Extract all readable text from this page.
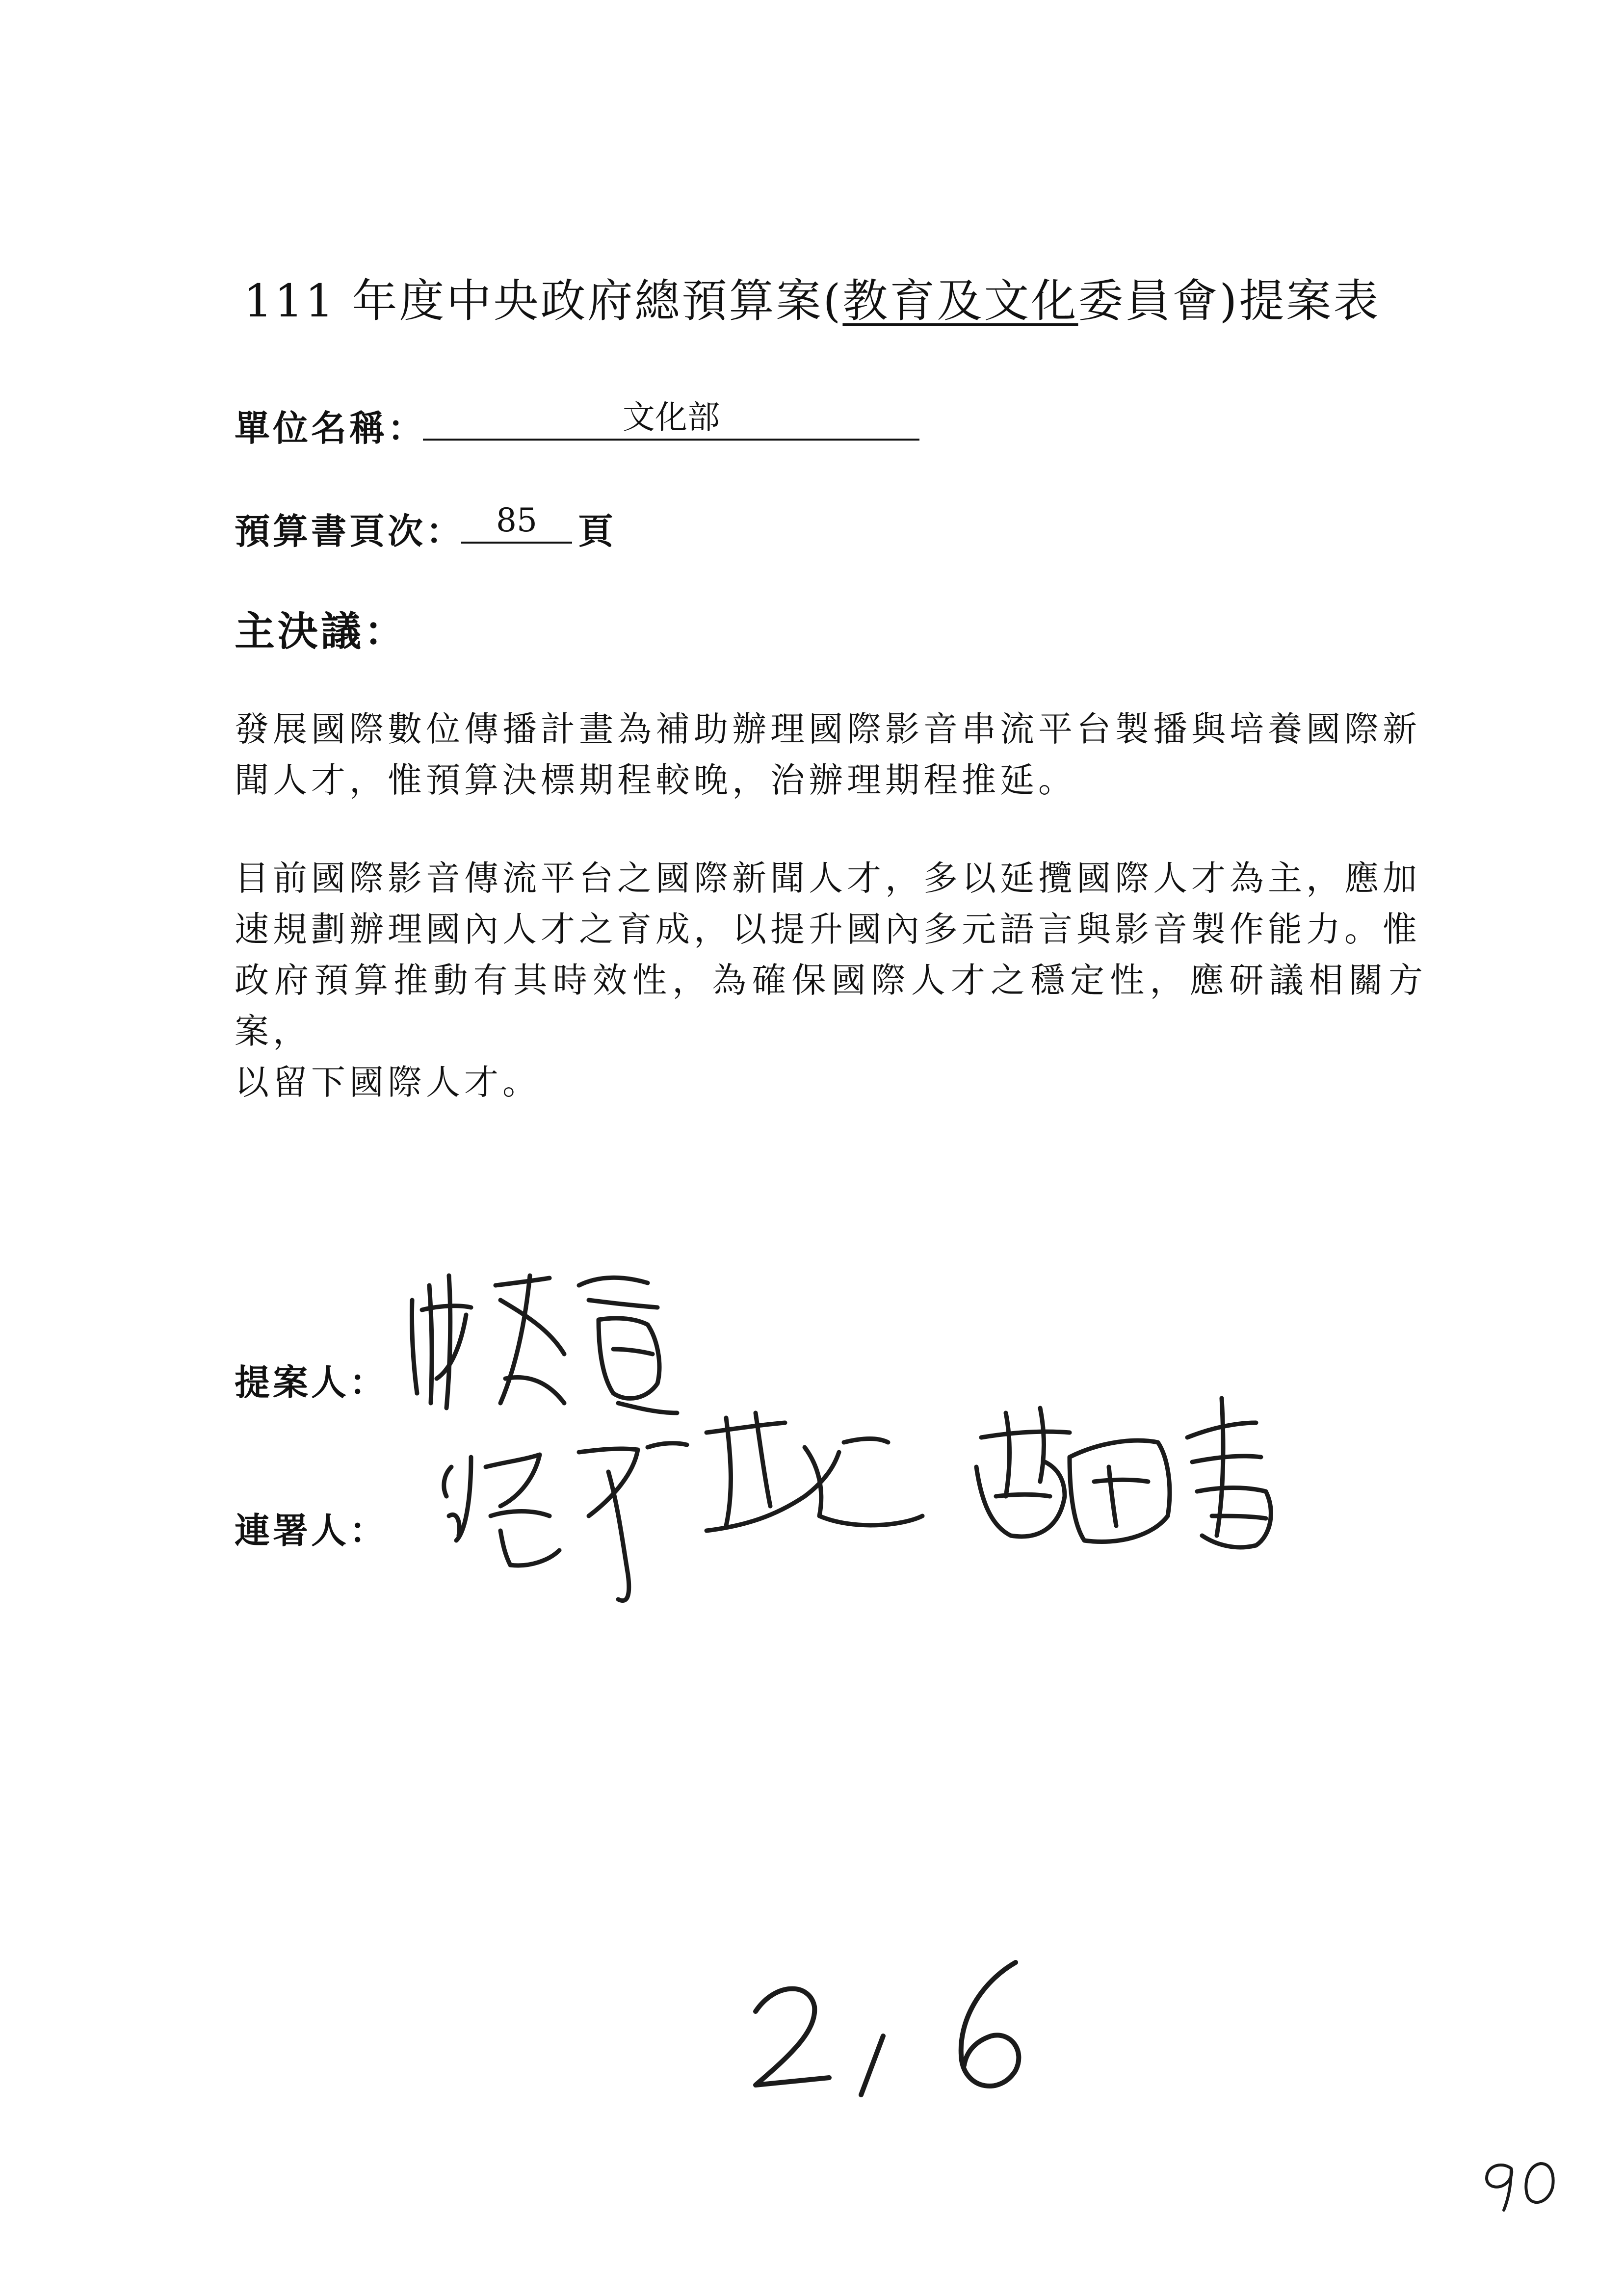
111 年度中央政府總預算案(教育及文化委員會)提案表
單位名稱：	文化部
預算書頁次： 85	頁
主決議：
發展國際數位傳播計畫為補助辦理國際影音串流平台製播與培養國際新
聞人才，惟預算決標期程較晚，治辦理期程推延。
目前國際影音傳流平台之國際新聞人才，多以延攬國際人才為主，應加
速規劃辦理國內人才之育成，以提升國內多元語言與影音製作能力。惟
政府預算推動有其時效性，為確保國際人才之穩定性，應研議相關方案，
以留下國際人才。
提案人：
連署人：
